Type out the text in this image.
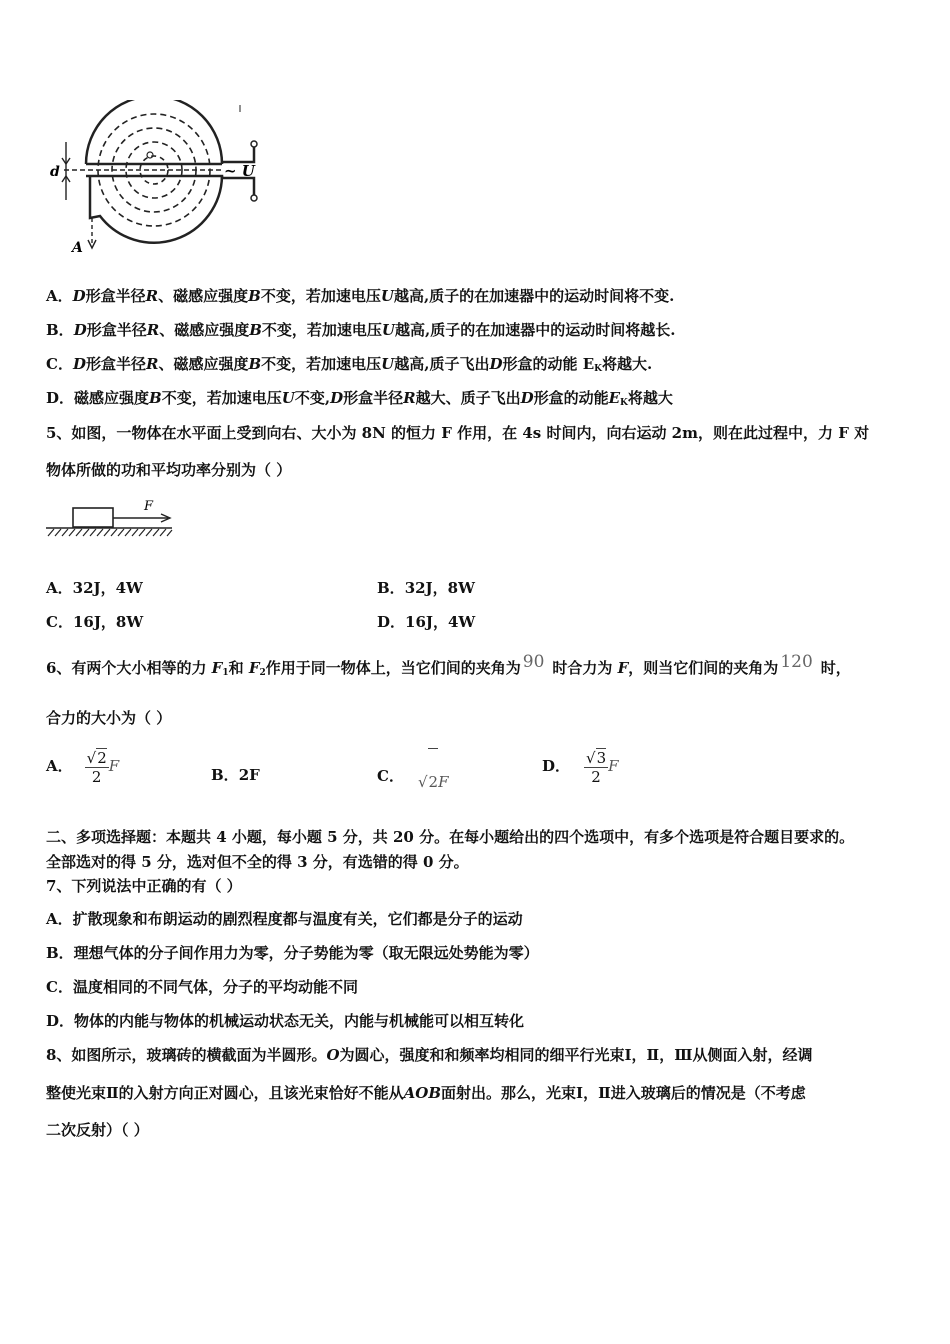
d	~ U
A
A．D形盒半径R、磁感应强度B不变，若加速电压U越高,质子的在加速器中的运动时间将不变.
B．D形盒半径R、磁感应强度B不变，若加速电压U越高,质子的在加速器中的运动时间将越长.
C．D形盒半径R、磁感应强度B不变，若加速电压U越高,质子飞出D形盒的动能 $E_K$将越大.
D．磁感应强度B不变，若加速电压U不变,D形盒半径R越大、质子飞出D形盒的动能$E_K$将越大
5、如图，一物体在水平面上受到向右、大小为 8N 的恒力 F 作用，在 4s 时间内，向右运动 2m，则在此过程中，力 F 对
物体所做的功和平均功率分别为（ ）
F
A．32J，4W	B．32J，8W
C．16J，8W	D．16J，4W
6、有两个大小相等的力 $F_1$和 $F_2$作用于同一物体上，当它们间的夹角为 90 时合力为 F，则当它们间的夹角为 120 时，
合力的大小为（ ）
A． $\frac{√2}{2}$ F	B．2F	C． √2F
D． $\frac{√3}{2}$ F
二、多项选择题：本题共 4 小题，每小题 5 分，共 20 分。在每小题给出的四个选项中，有多个选项是符合题目要求的。
全部选对的得 5 分，选对但不全的得 3 分，有选错的得 0 分。
7、下列说法中正确的有（ ）
A．扩散现象和布朗运动的剧烈程度都与温度有关，它们都是分子的运动
B．理想气体的分子间作用力为零，分子势能为零（取无限远处势能为零）
C．温度相同的不同气体，分子的平均动能不同
D．物体的内能与物体的机械运动状态无关，内能与机械能可以相互转化
8、如图所示，玻璃砖的横截面为半圆形。O为圆心，强度和和频率均相同的细平行光束Ⅰ，Ⅱ，Ⅲ从侧面入射，经调
整使光束Ⅱ的入射方向正对圆心，且该光束恰好不能从AOB面射出。那么，光束Ⅰ，Ⅱ进入玻璃后的情况是（不考虑
二次反射）（ ）
